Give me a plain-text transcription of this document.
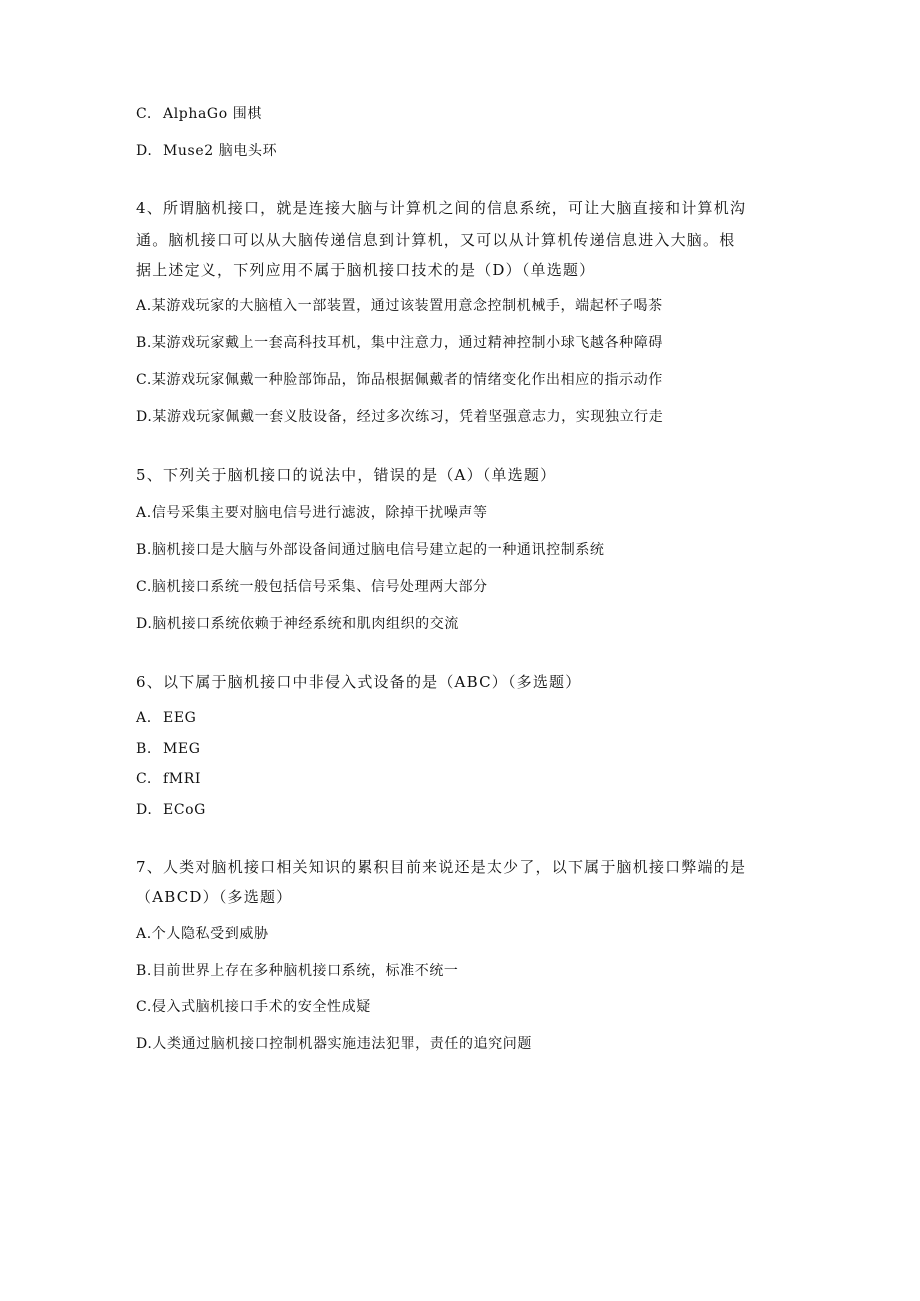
C. AlphaGo 围棋
D. Muse2 脑电头环
4、所谓脑机接口，就是连接大脑与计算机之间的信息系统，可让大脑直接和计算机沟
通。脑机接口可以从大脑传递信息到计算机，又可以从计算机传递信息进入大脑。根
据上述定义，下列应用不属于脑机接口技术的是（D）（单选题）
A.某游戏玩家的大脑植入一部装置，通过该装置用意念控制机械手，端起杯子喝茶
B.某游戏玩家戴上一套高科技耳机，集中注意力，通过精神控制小球飞越各种障碍
C.某游戏玩家佩戴一种脸部饰品，饰品根据佩戴者的情绪变化作出相应的指示动作
D.某游戏玩家佩戴一套义肢设备，经过多次练习，凭着坚强意志力，实现独立行走
5、下列关于脑机接口的说法中，错误的是（A）（单选题）
A.信号采集主要对脑电信号进行滤波，除掉干扰噪声等
B.脑机接口是大脑与外部设备间通过脑电信号建立起的一种通讯控制系统
C.脑机接口系统一般包括信号采集、信号处理两大部分
D.脑机接口系统依赖于神经系统和肌肉组织的交流
6、以下属于脑机接口中非侵入式设备的是（ABC）（多选题）
A. EEG
B. MEG
C. fMRI
D. ECoG
7、人类对脑机接口相关知识的累积目前来说还是太少了，以下属于脑机接口弊端的是
（ABCD）（多选题）
A.个人隐私受到威胁
B.目前世界上存在多种脑机接口系统，标准不统一
C.侵入式脑机接口手术的安全性成疑
D.人类通过脑机接口控制机器实施违法犯罪，责任的追究问题
